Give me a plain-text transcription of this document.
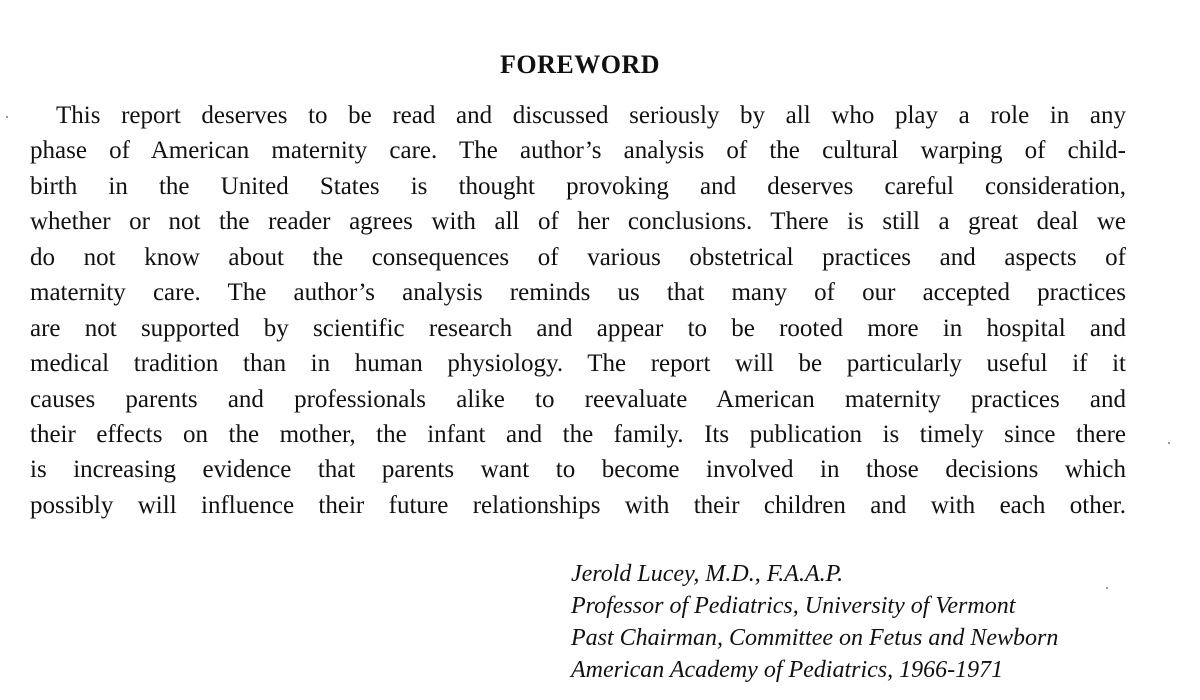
FOREWORD
This report deserves to be read and discussed seriously by all who play a role in any
phase of American maternity care. The author’s analysis of the cultural warping of child-
birth in the United States is thought provoking and deserves careful consideration,
whether or not the reader agrees with all of her conclusions. There is still a great deal we
do not know about the consequences of various obstetrical practices and aspects of
maternity care. The author’s analysis reminds us that many of our accepted practices
are not supported by scientific research and appear to be rooted more in hospital and
medical tradition than in human physiology. The report will be particularly useful if it
causes parents and professionals alike to reevaluate American maternity practices and
their effects on the mother, the infant and the family. Its publication is timely since there
is increasing evidence that parents want to become involved in those decisions which
possibly will influence their future relationships with their children and with each other.
Jerold Lucey, M.D., F.A.A.P.
Professor of Pediatrics, University of Vermont
Past Chairman, Committee on Fetus and Newborn
American Academy of Pediatrics, 1966-1971
